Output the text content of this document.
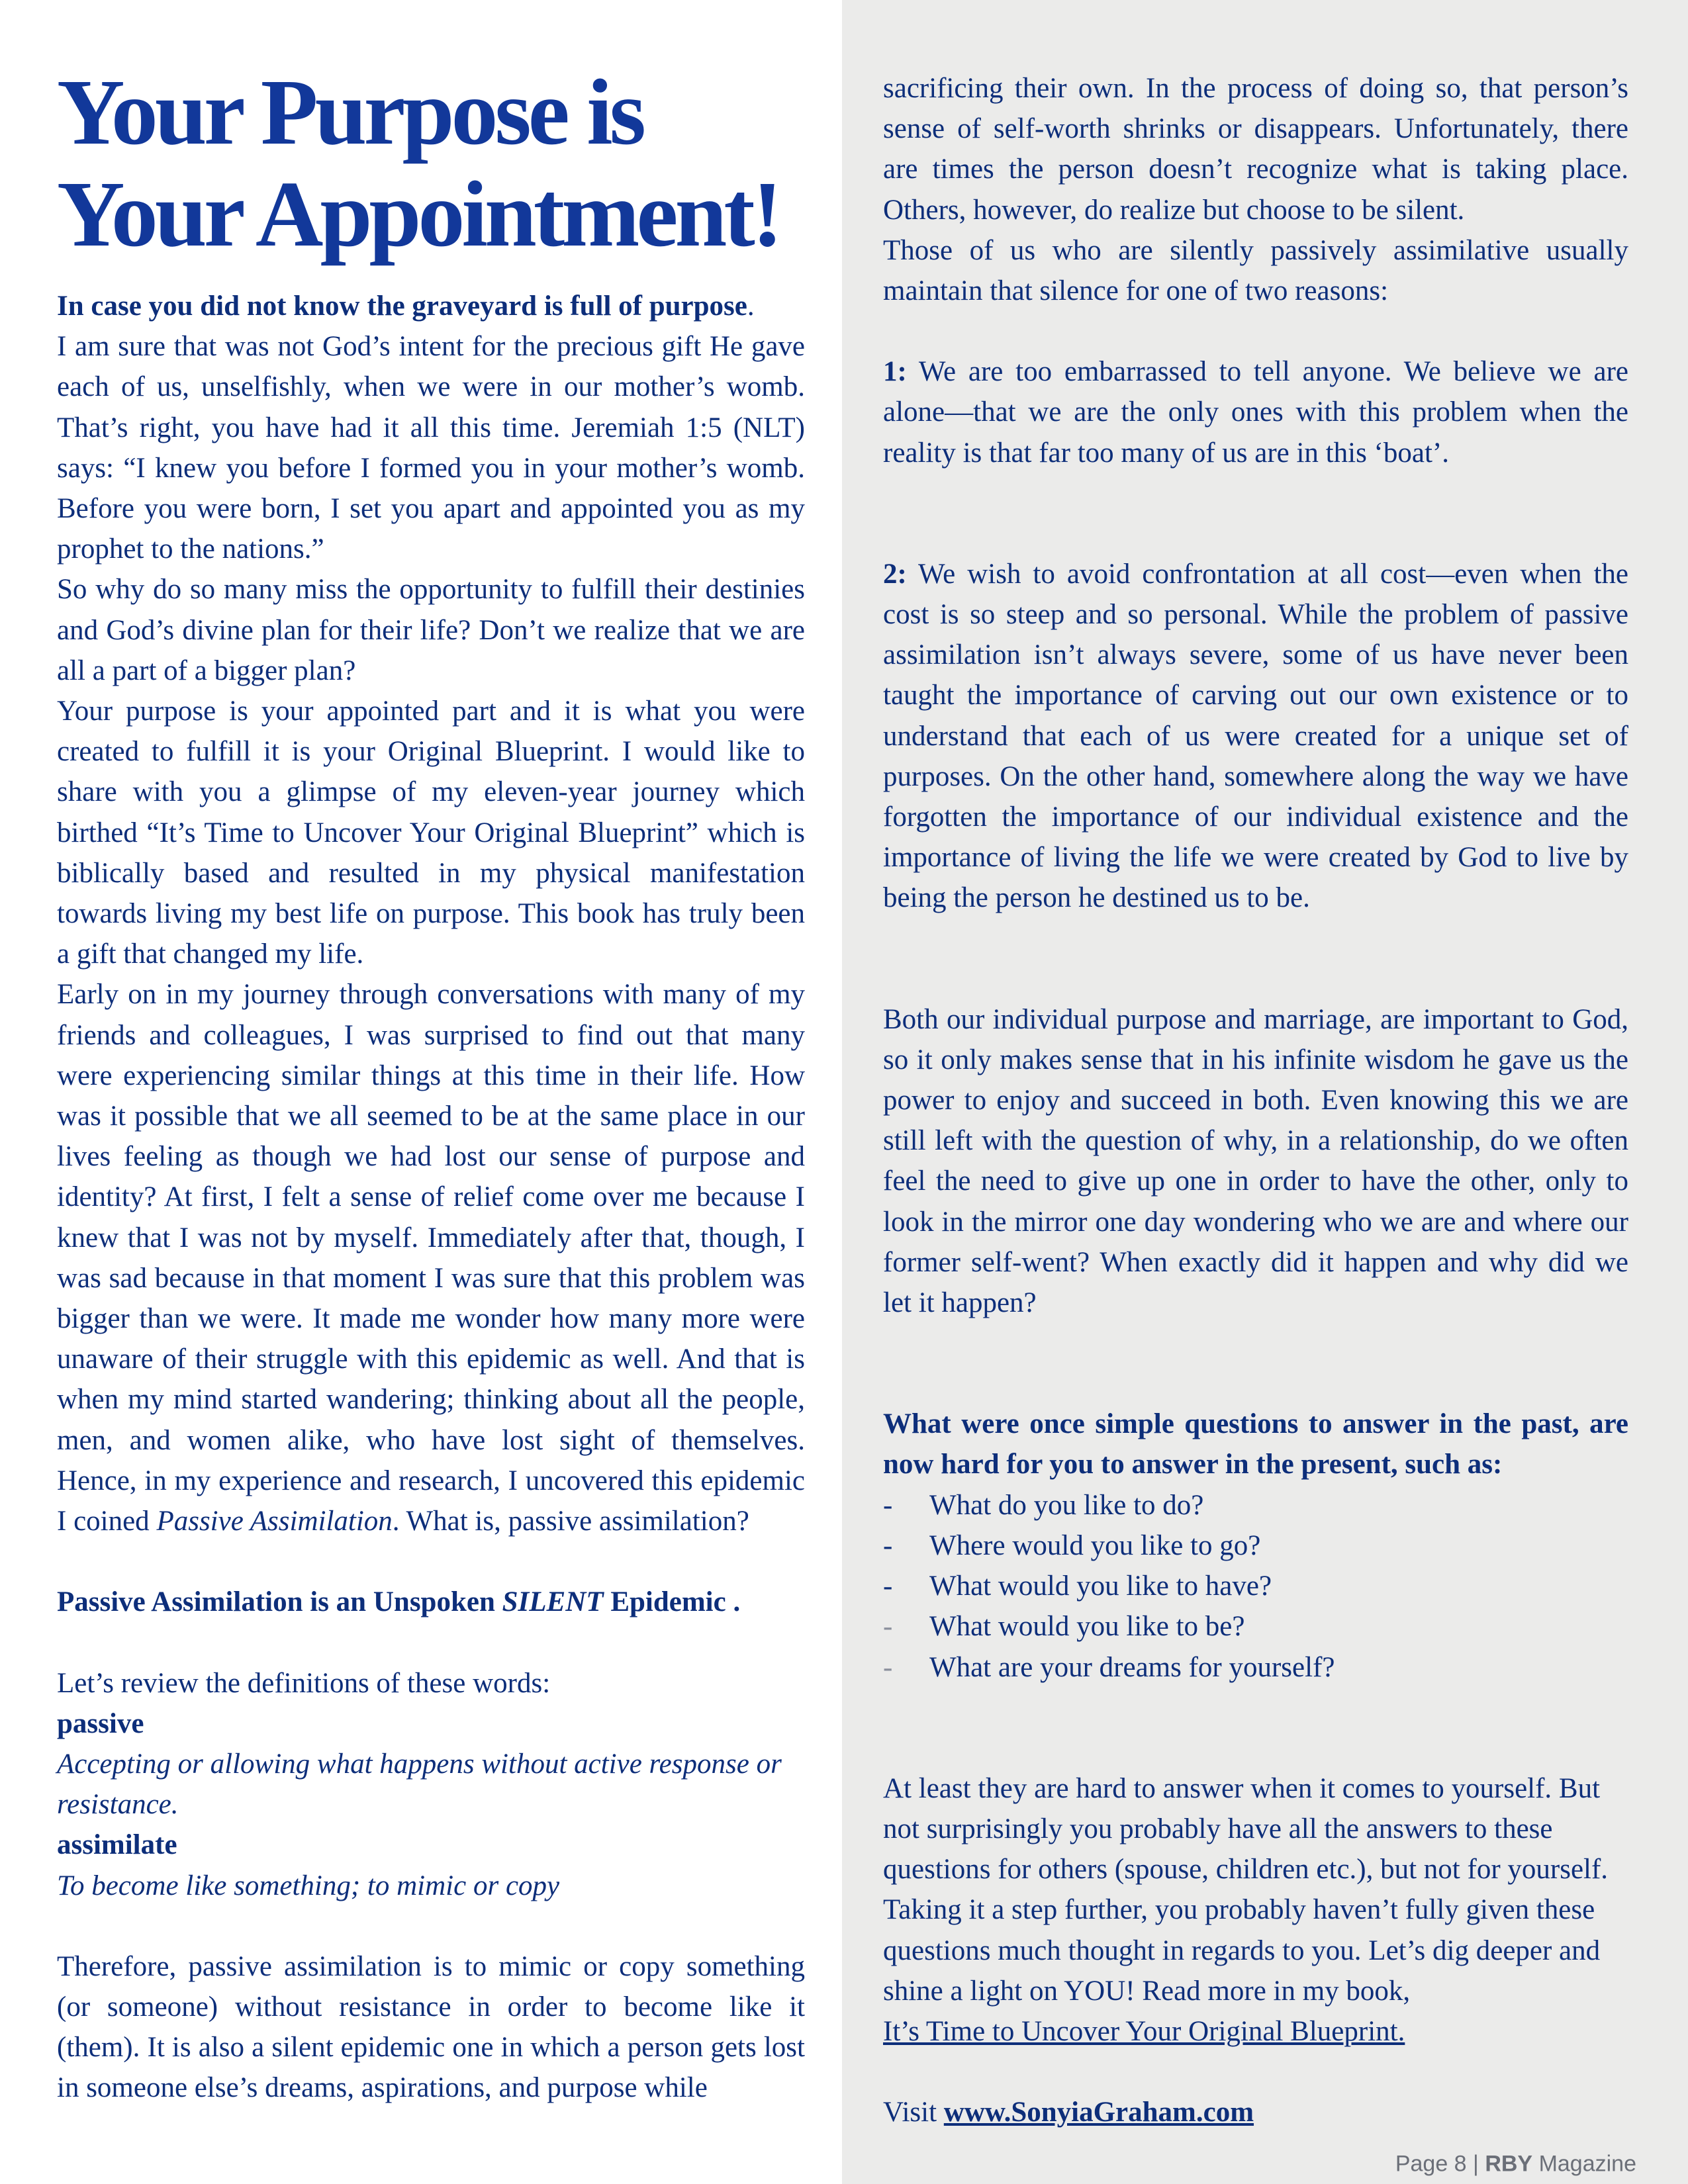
Your Purpose is
Your Appointment!

In case you did not know the graveyard is full of purpose.

I am sure that was not God’s intent for the precious gift He gave each of us, unselfishly, when we were in our mother’s womb. That’s right, you have had it all this time. Jeremiah 1:5 (NLT) says: “I knew you before I formed you in your mother’s womb. Before you were born, I set you apart and appointed you as my prophet to the nations.”

So why do so many miss the opportunity to fulfill their destinies and God’s divine plan for their life? Don’t we realize that we are all a part of a bigger plan?

Your purpose is your appointed part and it is what you were created to fulfill it is your Original Blueprint. I would like to share with you a glimpse of my eleven-year journey which birthed “It’s Time to Uncover Your Original Blueprint” which is biblically based and resulted in my physical manifestation towards living my best life on purpose. This book has truly been a gift that changed my life.

Early on in my journey through conversations with many of my friends and colleagues, I was surprised to find out that many were experiencing similar things at this time in their life. How was it possible that we all seemed to be at the same place in our lives feeling as though we had lost our sense of purpose and identity? At first, I felt a sense of relief come over me because I knew that I was not by myself. Immediately after that, though, I was sad because in that moment I was sure that this problem was bigger than we were. It made me wonder how many more were unaware of their struggle with this epidemic as well. And that is when my mind started wandering; thinking about all the people, men, and women alike, who have lost sight of themselves. Hence, in my experience and research, I uncovered this epidemic I coined Passive Assimilation. What is, passive assimilation?

Passive Assimilation is an Unspoken SILENT Epidemic .

Let’s review the definitions of these words:

passive

Accepting or allowing what happens without active response or resistance.

assimilate

To become like something; to mimic or copy

Therefore, passive assimilation is to mimic or copy something (or someone) without resistance in order to become like it (them). It is also a silent epidemic one in which a person gets lost in someone else’s dreams, aspirations, and purpose while

sacrificing their own. In the process of doing so, that person’s sense of self-worth shrinks or disappears. Unfortunately, there are times the person doesn’t recognize what is taking place. Others, however, do realize but choose to be silent.

Those of us who are silently passively assimilative usually maintain that silence for one of two reasons:

1: We are too embarrassed to tell anyone. We believe we are alone—that we are the only ones with this problem when the reality is that far too many of us are in this ‘boat’.

2: We wish to avoid confrontation at all cost—even when the cost is so steep and so personal. While the problem of passive assimilation isn’t always severe, some of us have never been taught the importance of carving out our own existence or to understand that each of us were created for a unique set of purposes. On the other hand, somewhere along the way we have forgotten the importance of our individual existence and the importance of living the life we were created by God to live by being the person he destined us to be.

Both our individual purpose and marriage, are important to God, so it only makes sense that in his infinite wisdom he gave us the power to enjoy and succeed in both. Even knowing this we are still left with the question of why, in a relationship, do we often feel the need to give up one in order to have the other, only to look in the mirror one day wondering who we are and where our former self-went? When exactly did it happen and why did we let it happen?

What were once simple questions to answer in the past, are now hard for you to answer in the present, such as:

-	What do you like to do?
-	Where would you like to go?
-	What would you like to have?
-	What would you like to be?
-	What are your dreams for yourself?

At least they are hard to answer when it comes to yourself. But not surprisingly you probably have all the answers to these questions for others (spouse, children etc.), but not for yourself. Taking it a step further, you probably haven’t fully given these questions much thought in regards to you. Let’s dig deeper and shine a light on YOU! Read more in my book,
It’s Time to Uncover Your Original Blueprint.

Visit www.SonyiaGraham.com

Page 8 | RBY Magazine
